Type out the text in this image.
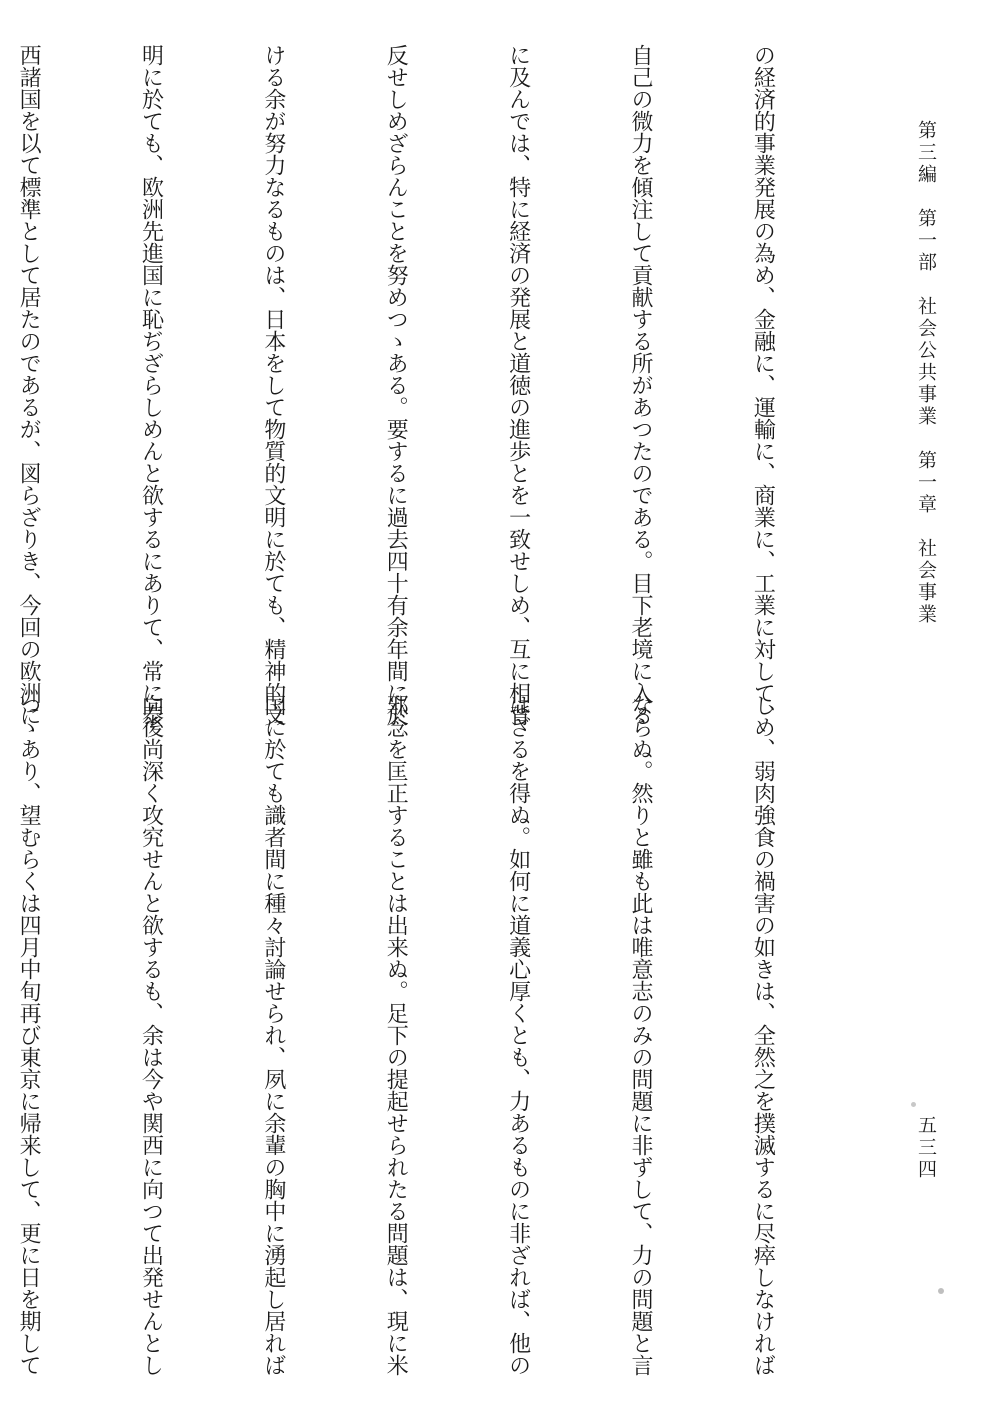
第三編　第一部　社会公共事業　第一章　社会事業

の経済的事業発展の為め、金融に、運輸に、商業に、工業に対して、

自己の微力を傾注して貢献する所があつたのである。目下老境に入る

に及んでは、特に経済の発展と道徳の進歩とを一致せしめ、互に相背

反せしめざらんことを努めつゝある。要するに過去四十有余年間に於

ける余が努力なるものは、日本をして物質的文明に於ても、精神的文

明に於ても、欧洲先進国に恥ぢざらしめんと欲するにありて、常に泰

西諸国を以て標準として居たのであるが、図らざりき、今回の欧洲に

しめ、弱肉強食の禍害の如きは、全然之を撲滅するに尽瘁しなければ

ならぬ。然りと雖も此は唯意志のみの問題に非ずして、力の問題と言

はざるを得ぬ。如何に道義心厚くとも、力あるものに非ざれば、他の

邪念を匡正することは出来ぬ。足下の提起せられたる問題は、現に米

国に於ても識者間に種々討論せられ、夙に余輩の胸中に湧起し居れば

向後尚深く攻究せんと欲するも、余は今や関西に向つて出発せんとし

つゝあり、望むらくは四月中旬再び東京に帰来して、更に日を期して

	五三四
